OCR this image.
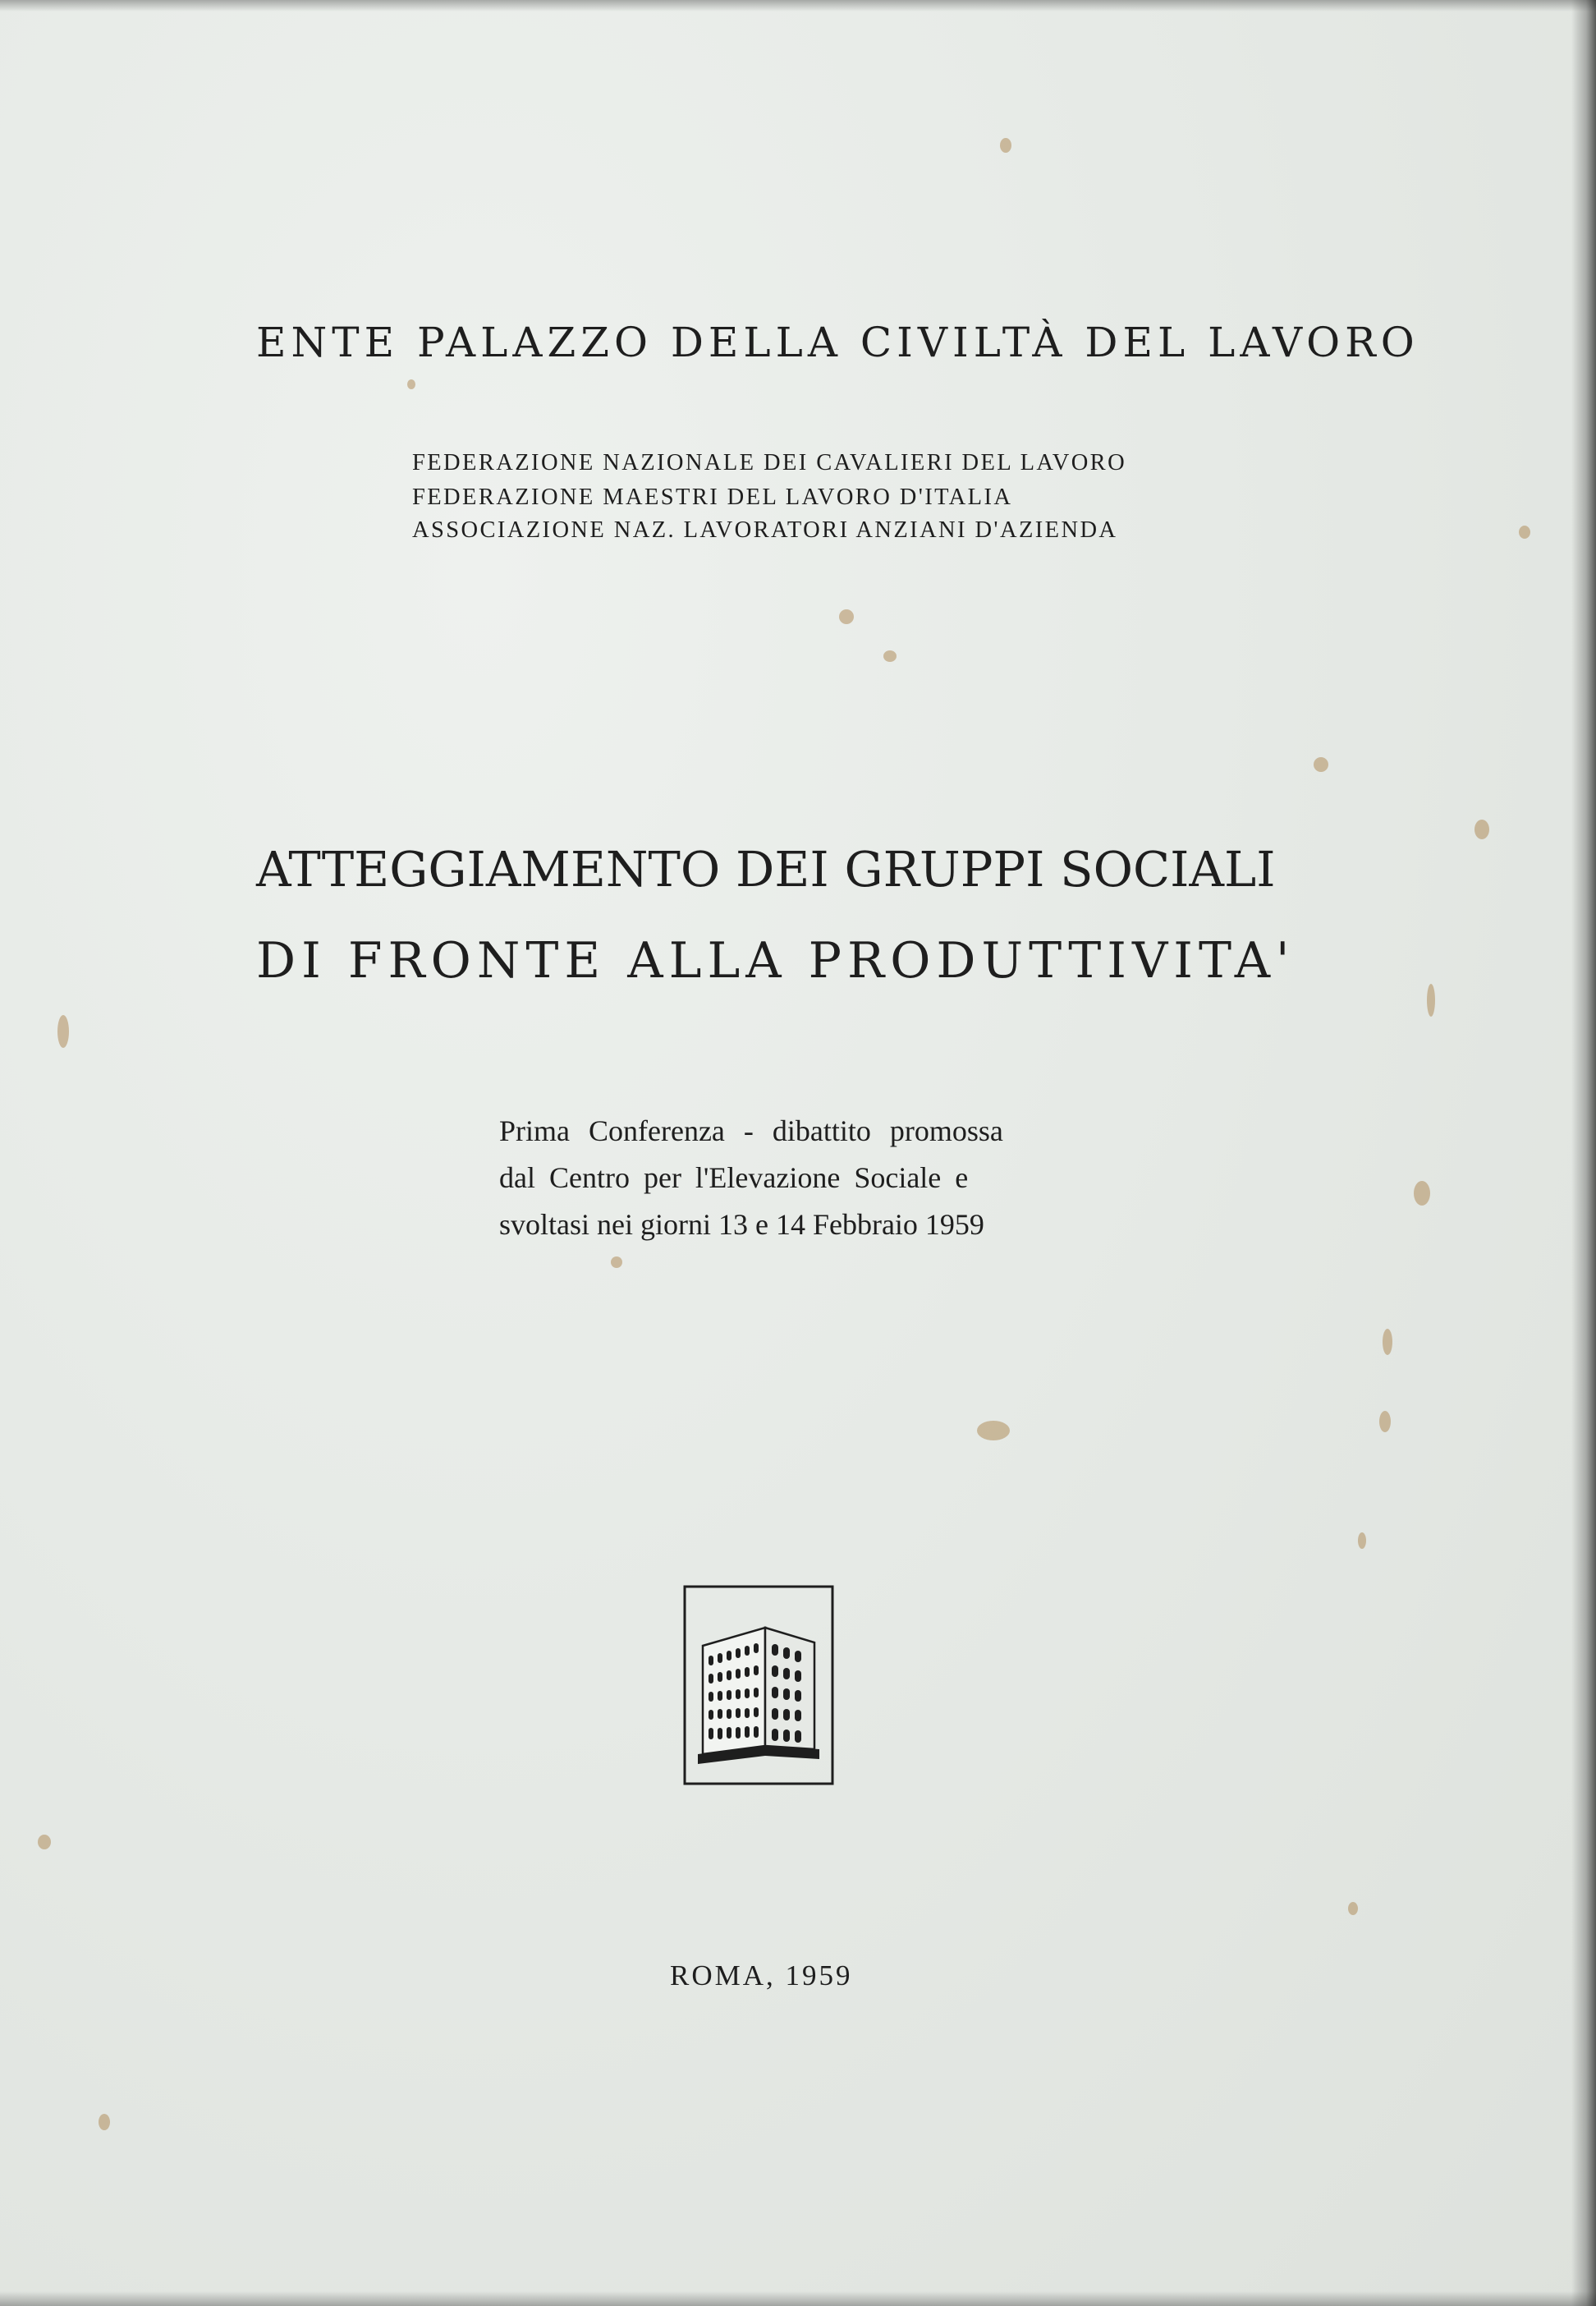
ENTE PALAZZO DELLA CIVILTÀ DEL LAVORO
FEDERAZIONE NAZIONALE DEI CAVALIERI DEL LAVORO
FEDERAZIONE MAESTRI DEL LAVORO D'ITALIA
ASSOCIAZIONE NAZ. LAVORATORI ANZIANI D'AZIENDA
ATTEGGIAMENTO DEI GRUPPI SOCIALI
DI FRONTE ALLA PRODUTTIVITA'
Prima Conferenza - dibattito promossa
dal Centro per l'Elevazione Sociale e
svoltasi nei giorni 13 e 14 Febbraio 1959
ROMA, 1959
